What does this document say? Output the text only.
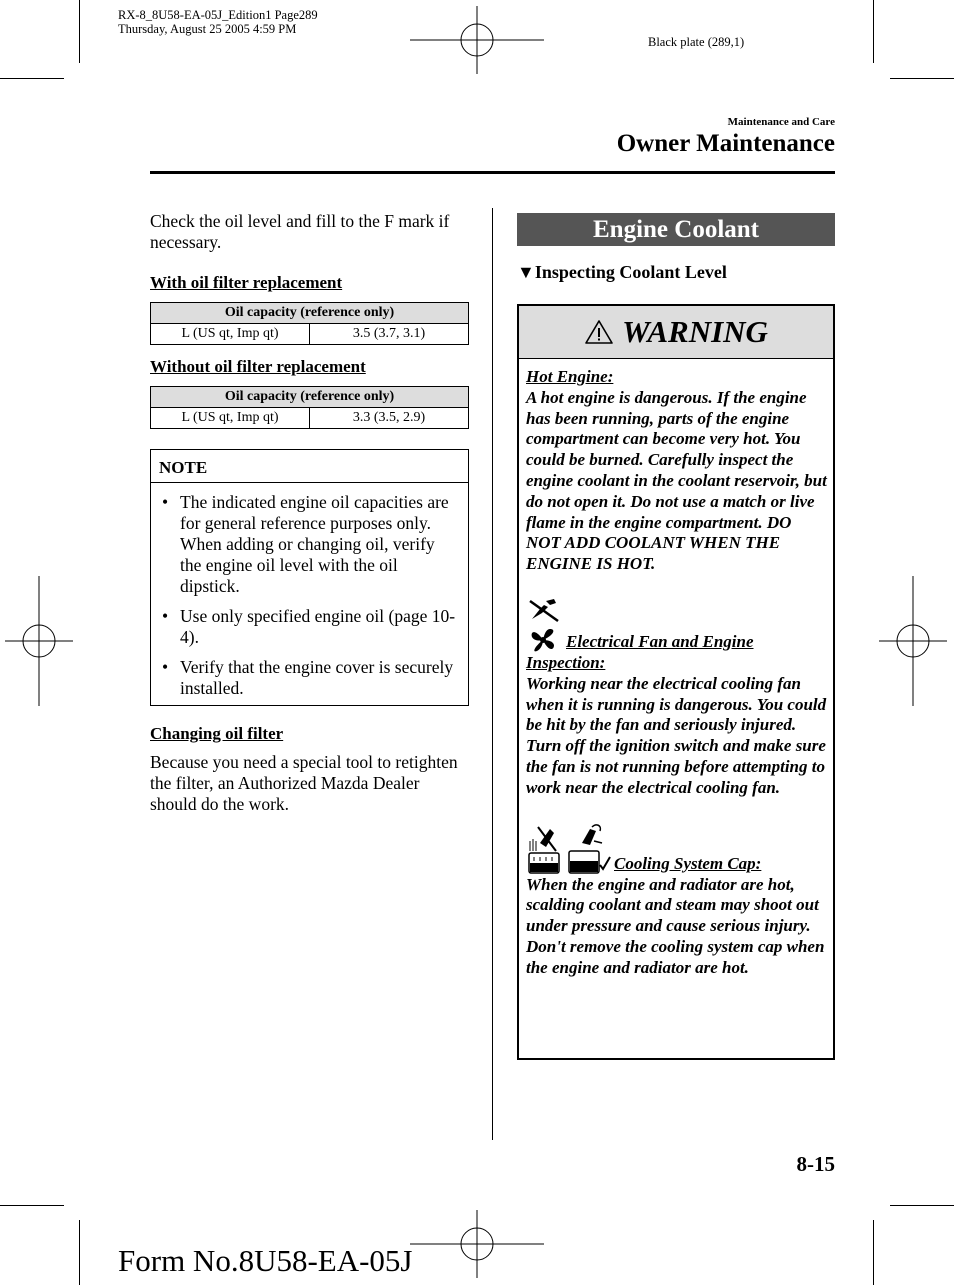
RX-8_8U58-EA-05J_Edition1 Page289
Thursday, August 25 2005 4:59 PM
Black plate (289,1)
Maintenance and Care
Owner Maintenance
Check the oil level and fill to the F mark if necessary.
With oil filter replacement
Oil capacity (reference only)
L (US qt, Imp qt)	3.5 (3.7, 3.1)
Without oil filter replacement
Oil capacity (reference only)
L (US qt, Imp qt)	3.3 (3.5, 2.9)
NOTE
• The indicated engine oil capacities are for general reference purposes only. When adding or changing oil, verify the engine oil level with the oil dipstick.
• Use only specified engine oil (page 10-4).
• Verify that the engine cover is securely installed.
Changing oil filter
Because you need a special tool to retighten the filter, an Authorized Mazda Dealer should do the work.
Engine Coolant
▼Inspecting Coolant Level
WARNING
Hot Engine:
A hot engine is dangerous. If the engine has been running, parts of the engine compartment can become very hot. You could be burned. Carefully inspect the engine coolant in the coolant reservoir, but do not open it. Do not use a match or live flame in the engine compartment. DO NOT ADD COOLANT WHEN THE ENGINE IS HOT.
Electrical Fan and Engine
Inspection:
Working near the electrical cooling fan when it is running is dangerous. You could be hit by the fan and seriously injured. Turn off the ignition switch and make sure the fan is not running before attempting to work near the electrical cooling fan.
Cooling System Cap:
When the engine and radiator are hot, scalding coolant and steam may shoot out under pressure and cause serious injury. Don't remove the cooling system cap when the engine and radiator are hot.
8-15
Form No.8U58-EA-05J
